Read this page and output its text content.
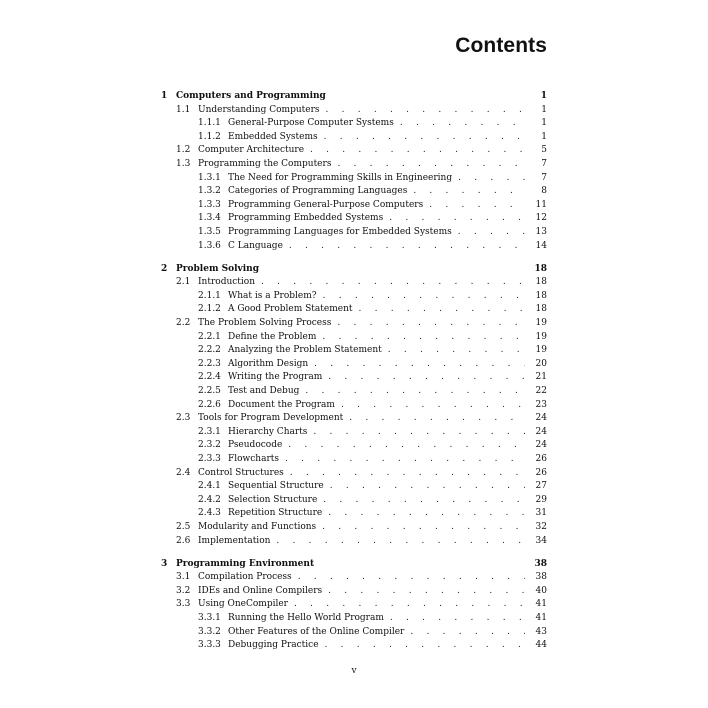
Contents
1 Computers and Programming	1
1.1 Understanding Computers . . .	1
1.1.1 General-Purpose Computer Systems . . .	1
1.1.2 Embedded Systems . . .	1
1.2 Computer Architecture . . .	5
1.3 Programming the Computers . . .	7
1.3.1 The Need for Programming Skills in Engineering . . .	7
1.3.2 Categories of Programming Languages . . .	8
1.3.3 Programming General-Purpose Computers . . .	11
1.3.4 Programming Embedded Systems . . .	12
1.3.5 Programming Languages for Embedded Systems . . .	13
1.3.6 C Language . . .	14
2 Problem Solving	18
2.1 Introduction . . .	18
2.1.1 What is a Problem? . . .	18
2.1.2 A Good Problem Statement . . .	18
2.2 The Problem Solving Process . . .	19
2.2.1 Define the Problem . . .	19
2.2.2 Analyzing the Problem Statement . . .	19
2.2.3 Algorithm Design . . .	20
2.2.4 Writing the Program . . .	21
2.2.5 Test and Debug . . .	22
2.2.6 Document the Program . . .	23
2.3 Tools for Program Development . . .	24
2.3.1 Hierarchy Charts . . .	24
2.3.2 Pseudocode . . .	24
2.3.3 Flowcharts . . .	26
2.4 Control Structures . . .	26
2.4.1 Sequential Structure . . .	27
2.4.2 Selection Structure . . .	29
2.4.3 Repetition Structure . . .	31
2.5 Modularity and Functions . . .	32
2.6 Implementation . . .	34
3 Programming Environment	38
3.1 Compilation Process . . .	38
3.2 IDEs and Online Compilers . . .	40
3.3 Using OneCompiler . . .	41
3.3.1 Running the Hello World Program . . .	41
3.3.2 Other Features of the Online Compiler . . .	43
3.3.3 Debugging Practice . . .	44
v
